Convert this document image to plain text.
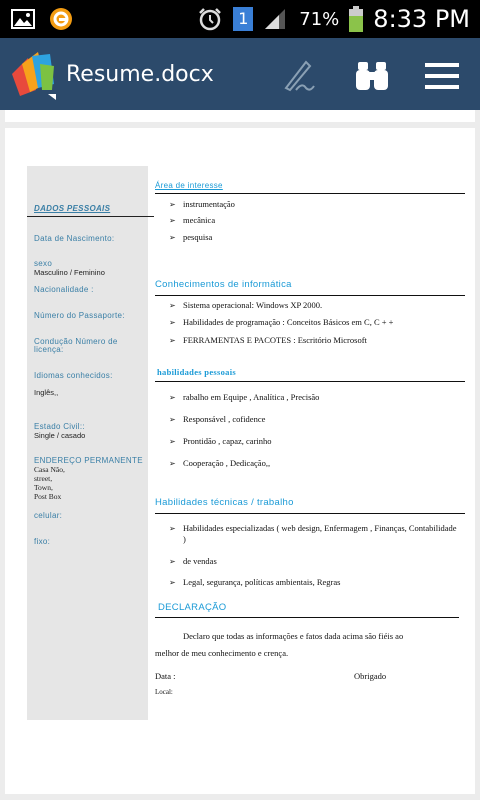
1	71% 8:33 PM
Resume.docx
DADOS PESSOAIS
Data de Nascimento:
sexo
Masculino / Feminino
Nacionalidade :
Número do Passaporte:
Condução Número de
licença:
Idiomas conhecidos:
Inglês,,
Estado Civil::
Single / casado
ENDEREÇO PERMANENTE
Casa Não,
street,
Town,
Post Box
celular:
fixo:
Área de interesse
➢ instrumentação
➢ mecânica
➢ pesquisa
Conhecimentos de informática
➢ Sistema operacional: Windows XP 2000.
➢ Habilidades de programação : Conceitos Básicos em C, C + +
➢ FERRAMENTAS E PACOTES : Escritório Microsoft
habilidades pessoais
➢ rabalho em Equipe , Analítica , Precisão
➢ Responsável , cofidence
➢ Prontidão , capaz, carinho
➢ Cooperação , Dedicação,,
Habilidades técnicas / trabalho
➢ Habilidades especializadas ( web design, Enfermagem , Finanças, Contabilidade )
➢ de vendas
➢ Legal, segurança, políticas ambientais, Regras
DECLARAÇÃO
Declaro que todas as informações e fatos dada acima são fiéis ao
melhor de meu conhecimento e crença.
Data :	Obrigado
Local:
